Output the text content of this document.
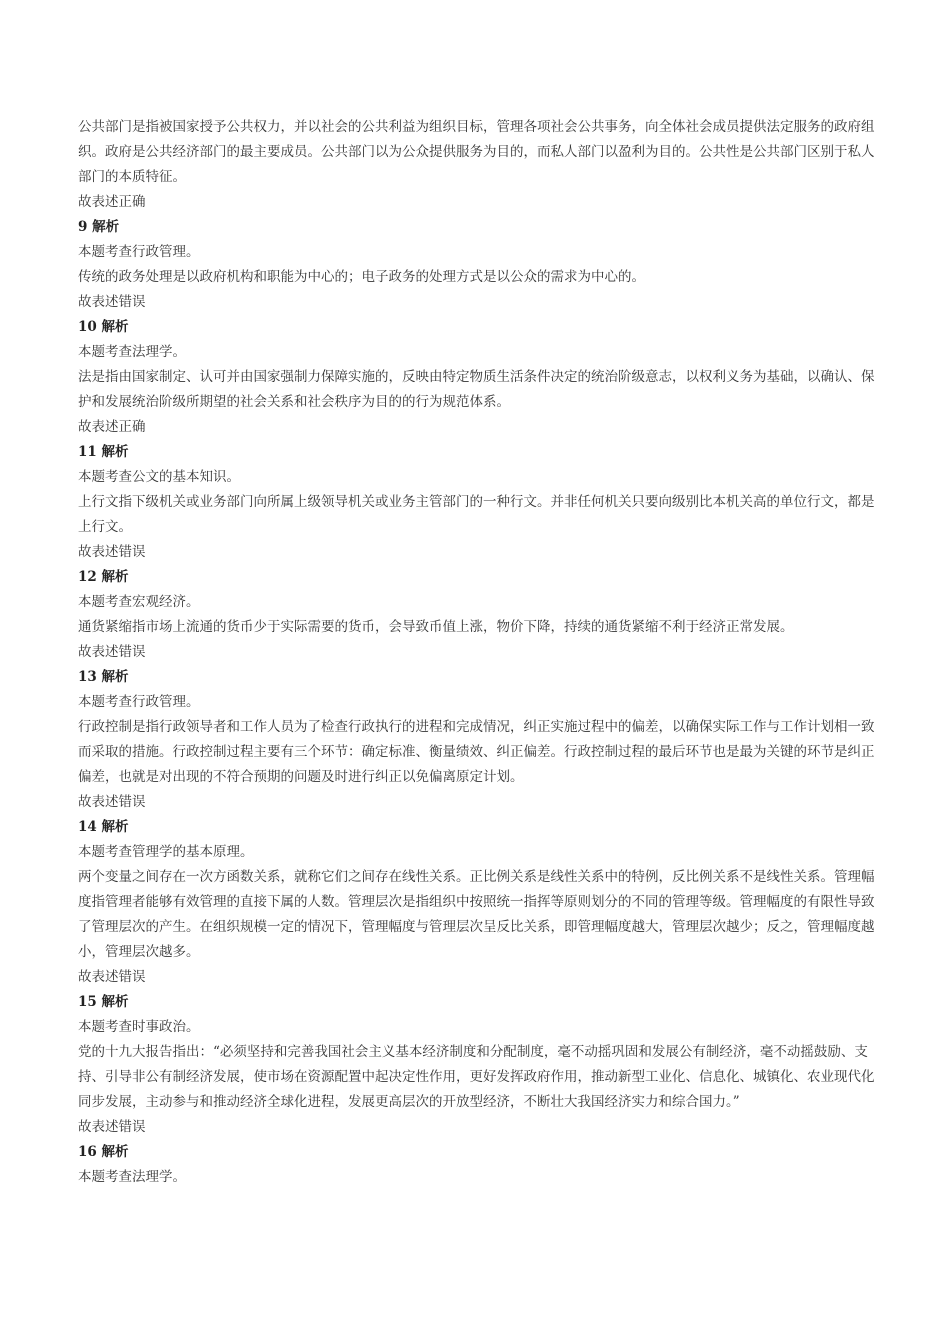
公共部门是指被国家授予公共权力，并以社会的公共利益为组织目标，管理各项社会公共事务，向全体社会成员提供法定服务的政府组织。政府是公共经济部门的最主要成员。公共部门以为公众提供服务为目的，而私人部门以盈利为目的。公共性是公共部门区别于私人部门的本质特征。

故表述正确

9 解析

本题考查行政管理。

传统的政务处理是以政府机构和职能为中心的；电子政务的处理方式是以公众的需求为中心的。

故表述错误

10 解析

本题考查法理学。

法是指由国家制定、认可并由国家强制力保障实施的，反映由特定物质生活条件决定的统治阶级意志，以权利义务为基础，以确认、保护和发展统治阶级所期望的社会关系和社会秩序为目的的行为规范体系。

故表述正确

11 解析

本题考查公文的基本知识。

上行文指下级机关或业务部门向所属上级领导机关或业务主管部门的一种行文。并非任何机关只要向级别比本机关高的单位行文，都是上行文。

故表述错误

12 解析

本题考查宏观经济。

通货紧缩指市场上流通的货币少于实际需要的货币，会导致币值上涨，物价下降，持续的通货紧缩不利于经济正常发展。

故表述错误

13 解析

本题考查行政管理。

行政控制是指行政领导者和工作人员为了检查行政执行的进程和完成情况，纠正实施过程中的偏差，以确保实际工作与工作计划相一致而采取的措施。行政控制过程主要有三个环节：确定标准、衡量绩效、纠正偏差。行政控制过程的最后环节也是最为关键的环节是纠正偏差，也就是对出现的不符合预期的问题及时进行纠正以免偏离原定计划。

故表述错误

14 解析

本题考查管理学的基本原理。

两个变量之间存在一次方函数关系，就称它们之间存在线性关系。正比例关系是线性关系中的特例，反比例关系不是线性关系。管理幅度指管理者能够有效管理的直接下属的人数。管理层次是指组织中按照统一指挥等原则划分的不同的管理等级。管理幅度的有限性导致了管理层次的产生。在组织规模一定的情况下，管理幅度与管理层次呈反比关系，即管理幅度越大，管理层次越少；反之，管理幅度越小，管理层次越多。

故表述错误

15 解析

本题考查时事政治。

党的十九大报告指出：“必须坚持和完善我国社会主义基本经济制度和分配制度，毫不动摇巩固和发展公有制经济，毫不动摇鼓励、支持、引导非公有制经济发展，使市场在资源配置中起决定性作用，更好发挥政府作用，推动新型工业化、信息化、城镇化、农业现代化同步发展，主动参与和推动经济全球化进程，发展更高层次的开放型经济，不断壮大我国经济实力和综合国力。”

故表述错误

16 解析

本题考查法理学。
